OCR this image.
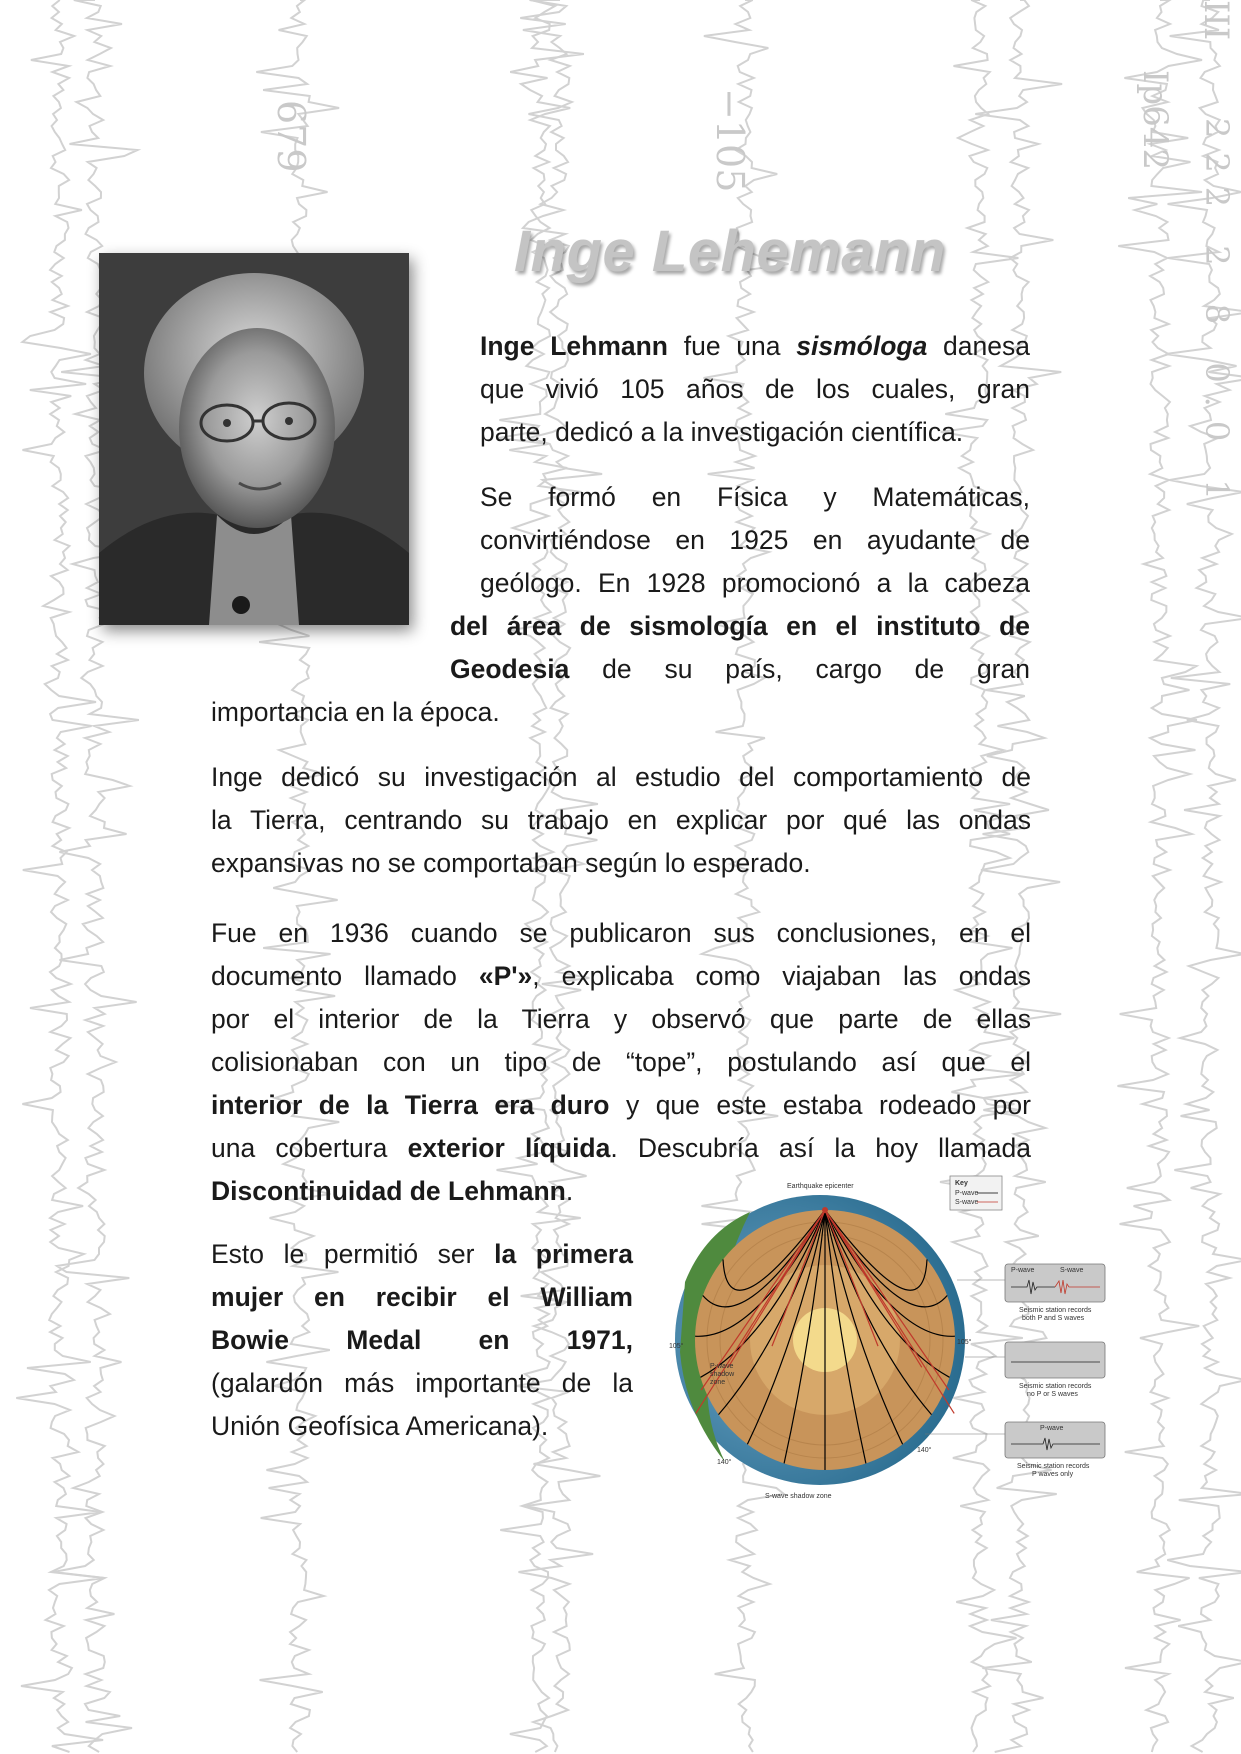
679	−105	Ip642 222 2 8 0.0 1
III
Inge Lehemann

Inge Lehmann fue una sismóloga danesa
que vivió 105 años de los cuales, gran
parte, dedicó a la investigación científica.

Se formó en Física y Matemáticas,
convirtiéndose en 1925 en ayudante de
geólogo. En 1928 promocionó a la cabeza

del área de sismología en el instituto de
Geodesia de su país, cargo de gran

importancia en la época.

Inge dedicó su investigación al estudio del comportamiento de
la Tierra, centrando su trabajo en explicar por qué las ondas
expansivas no se comportaban según lo esperado.

Fue en 1936 cuando se publicaron sus conclusiones, en el
documento llamado «P'», explicaba como viajaban las ondas
por el interior de la Tierra y observó que parte de ellas
colisionaban con un tipo de “tope”, postulando así que el
interior de la Tierra era duro y que este estaba rodeado por
una cobertura exterior líquida. Descubría así la hoy llamada
Discontinuidad de Lehmann.

Esto le permitió ser la primera
mujer en recibir el William
Bowie Medal en 1971,
(galardón más importante de la
Unión Geofísica Americana).

Earthquake epicenter	Key
P-wave
S-wave
P-wave	S-wave
Seismic station records
both P and S waves
Seismic station records
no P or S waves
P-wave
Seismic station records
P waves only
P-wave
shadow
zone
S-wave shadow zone
105°
105°
140°
140°
